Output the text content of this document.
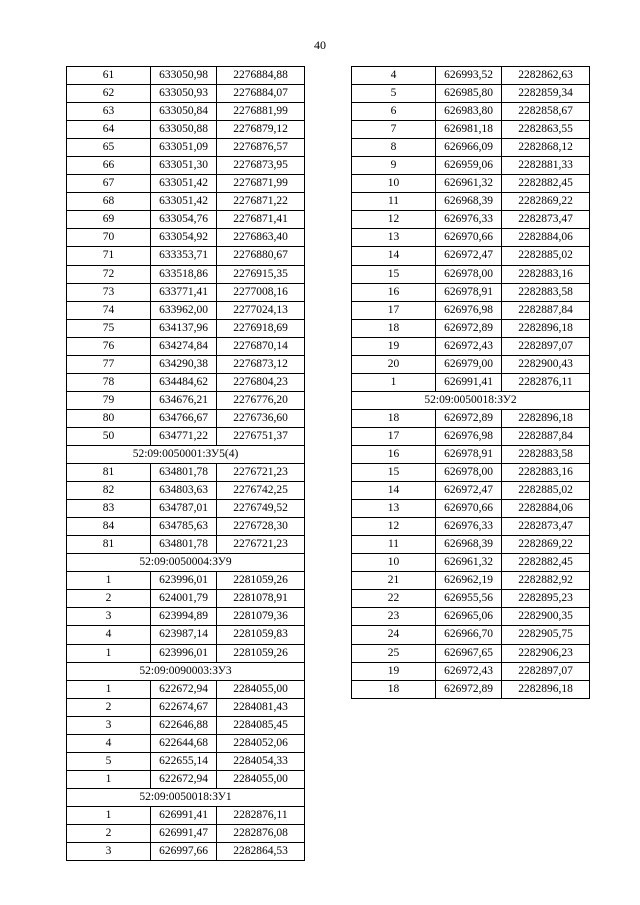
40
61	633050,98	2276884,88
62	633050,93	2276884,07
63	633050,84	2276881,99
64	633050,88	2276879,12
65	633051,09	2276876,57
66	633051,30	2276873,95
67	633051,42	2276871,99
68	633051,42	2276871,22
69	633054,76	2276871,41
70	633054,92	2276863,40
71	633353,71	2276880,67
72	633518,86	2276915,35
73	633771,41	2277008,16
74	633962,00	2277024,13
75	634137,96	2276918,69
76	634274,84	2276870,14
77	634290,38	2276873,12
78	634484,62	2276804,23
79	634676,21	2276776,20
80	634766,67	2276736,60
50	634771,22	2276751,37
52:09:0050001:ЗУ5(4)		
81	634801,78	2276721,23
82	634803,63	2276742,25
83	634787,01	2276749,52
84	634785,63	2276728,30
81	634801,78	2276721,23
52:09:0050004:ЗУ9		
1	623996,01	2281059,26
2	624001,79	2281078,91
3	623994,89	2281079,36
4	623987,14	2281059,83
1	623996,01	2281059,26
52:09:0090003:ЗУ3		
1	622672,94	2284055,00
2	622674,67	2284081,43
3	622646,88	2284085,45
4	622644,68	2284052,06
5	622655,14	2284054,33
1	622672,94	2284055,00
52:09:0050018:ЗУ1		
1	626991,41	2282876,11
2	626991,47	2282876,08
3	626997,66	2282864,53
4	626993,52	2282862,63
5	626985,80	2282859,34
6	626983,80	2282858,67
7	626981,18	2282863,55
8	626966,09	2282868,12
9	626959,06	2282881,33
10	626961,32	2282882,45
11	626968,39	2282869,22
12	626976,33	2282873,47
13	626970,66	2282884,06
14	626972,47	2282885,02
15	626978,00	2282883,16
16	626978,91	2282883,58
17	626976,98	2282887,84
18	626972,89	2282896,18
19	626972,43	2282897,07
20	626979,00	2282900,43
1	626991,41	2282876,11
52:09:0050018:ЗУ2		
18	626972,89	2282896,18
17	626976,98	2282887,84
16	626978,91	2282883,58
15	626978,00	2282883,16
14	626972,47	2282885,02
13	626970,66	2282884,06
12	626976,33	2282873,47
11	626968,39	2282869,22
10	626961,32	2282882,45
21	626962,19	2282882,92
22	626955,56	2282895,23
23	626965,06	2282900,35
24	626966,70	2282905,75
25	626967,65	2282906,23
19	626972,43	2282897,07
18	626972,89	2282896,18
